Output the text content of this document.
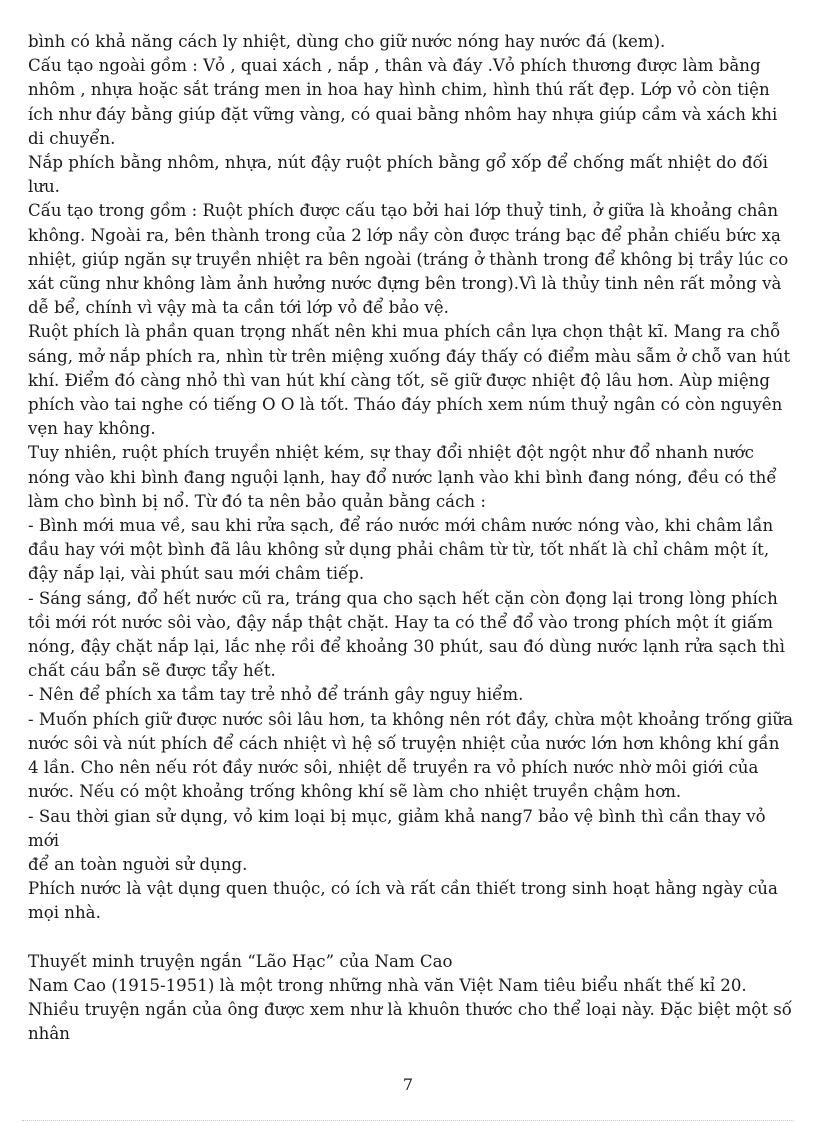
bình có khả năng cách ly nhiệt, dùng cho giữ nước nóng hay nước đá (kem).

Cấu tạo ngoài gồm : Vỏ , quai xách , nắp , thân và đáy .Vỏ phích thương được làm bằng nhôm , nhựa hoặc sắt tráng men in hoa hay hình chim, hình thú rất đẹp. Lớp vỏ còn tiện ích như đáy bằng giúp đặt vững vàng, có quai bằng nhôm hay nhựa giúp cầm và xách khi di chuyển.

Nắp phích bằng nhôm, nhựa, nút đậy ruột phích bằng gổ xốp để chống mất nhiệt do đối lưu.

Cấu tạo trong gồm : Ruột phích được cấu tạo bởi hai lớp thuỷ tinh, ở giữa là khoảng chân không. Ngoài ra, bên thành trong của 2 lớp nầy còn được tráng bạc để phản chiếu bức xạ nhiệt, giúp ngăn sự truyền nhiệt ra bên ngoài (tráng ở thành trong để không bị trầy lúc co xát cũng như không làm ảnh hưởng nước đựng bên trong).Vì là thủy tinh nên rất mỏng và dễ bể, chính vì vậy mà ta cần tới lớp vỏ để bảo vệ.

Ruột phích là phần quan trọng nhất nên khi mua phích cần lựa chọn thật kĩ. Mang ra chỗ sáng, mở nắp phích ra, nhìn từ trên miệng xuống đáy thấy có điểm màu sẫm ở chỗ van hút khí. Điểm đó càng nhỏ thì van hút khí càng tốt, sẽ giữ được nhiệt độ lâu hơn. Aùp miệng phích vào tai nghe có tiếng O O là tốt. Tháo đáy phích xem núm thuỷ ngân có còn nguyên vẹn hay không.

Tuy nhiên, ruột phích truyền nhiệt kém, sự thay đổi nhiệt đột ngột như đổ nhanh nước nóng vào khi bình đang nguội lạnh, hay đổ nước lạnh vào khi bình đang nóng, đều có thể làm cho bình bị nổ. Từ đó ta nên bảo quản bằng cách :

- Bình mới mua về, sau khi rửa sạch, để ráo nước mới châm nước nóng vào, khi châm lần đầu hay với một bình đã lâu không sử dụng phải châm từ từ, tốt nhất là chỉ châm một ít, đậy nắp lại, vài phút sau mới châm tiếp.

- Sáng sáng, đổ hết nước cũ ra, tráng qua cho sạch hết cặn còn đọng lại trong lòng phích tồi mới rót nước sôi vào, đậy nắp thật chặt. Hay ta có thể đổ vào trong phích một ít giấm nóng, đậy chặt nắp lại, lắc nhẹ rồi để khoảng 30 phút, sau đó dùng nước lạnh rửa sạch thì chất cáu bẩn sẽ được tẩy hết.

- Nên để phích xa tầm tay trẻ nhỏ để tránh gây nguy hiểm.

- Muốn phích giữ được nước sôi lâu hơn, ta không nên rót đầy, chừa một khoảng trống giữa

nước sôi và nút phích để cách nhiệt vì hệ số truyện nhiệt của nước lớn hơn không khí gần 4 lần. Cho nên nếu rót đầy nước sôi, nhiệt dễ truyền ra vỏ phích nước nhờ môi giới của nước. Nếu có một khoảng trống không khí sẽ làm cho nhiệt truyền chậm hơn.

- Sau thời gian sử dụng, vỏ kim loại bị mục, giảm khả nang7 bảo vệ bình thì cần thay vỏ mới

để an toàn nguời sử dụng.

Phích nước là vật dụng quen thuộc, có ích và rất cần thiết trong sinh hoạt hằng ngày của mọi nhà.

Thuyết minh truyện ngắn “Lão Hạc” của Nam Cao

Nam Cao (1915-1951) là một trong những nhà văn Việt Nam tiêu biểu nhất thế kỉ 20. Nhiều truyện ngắn của ông được xem như là khuôn thước cho thể loại này. Đặc biệt một số nhân

7
